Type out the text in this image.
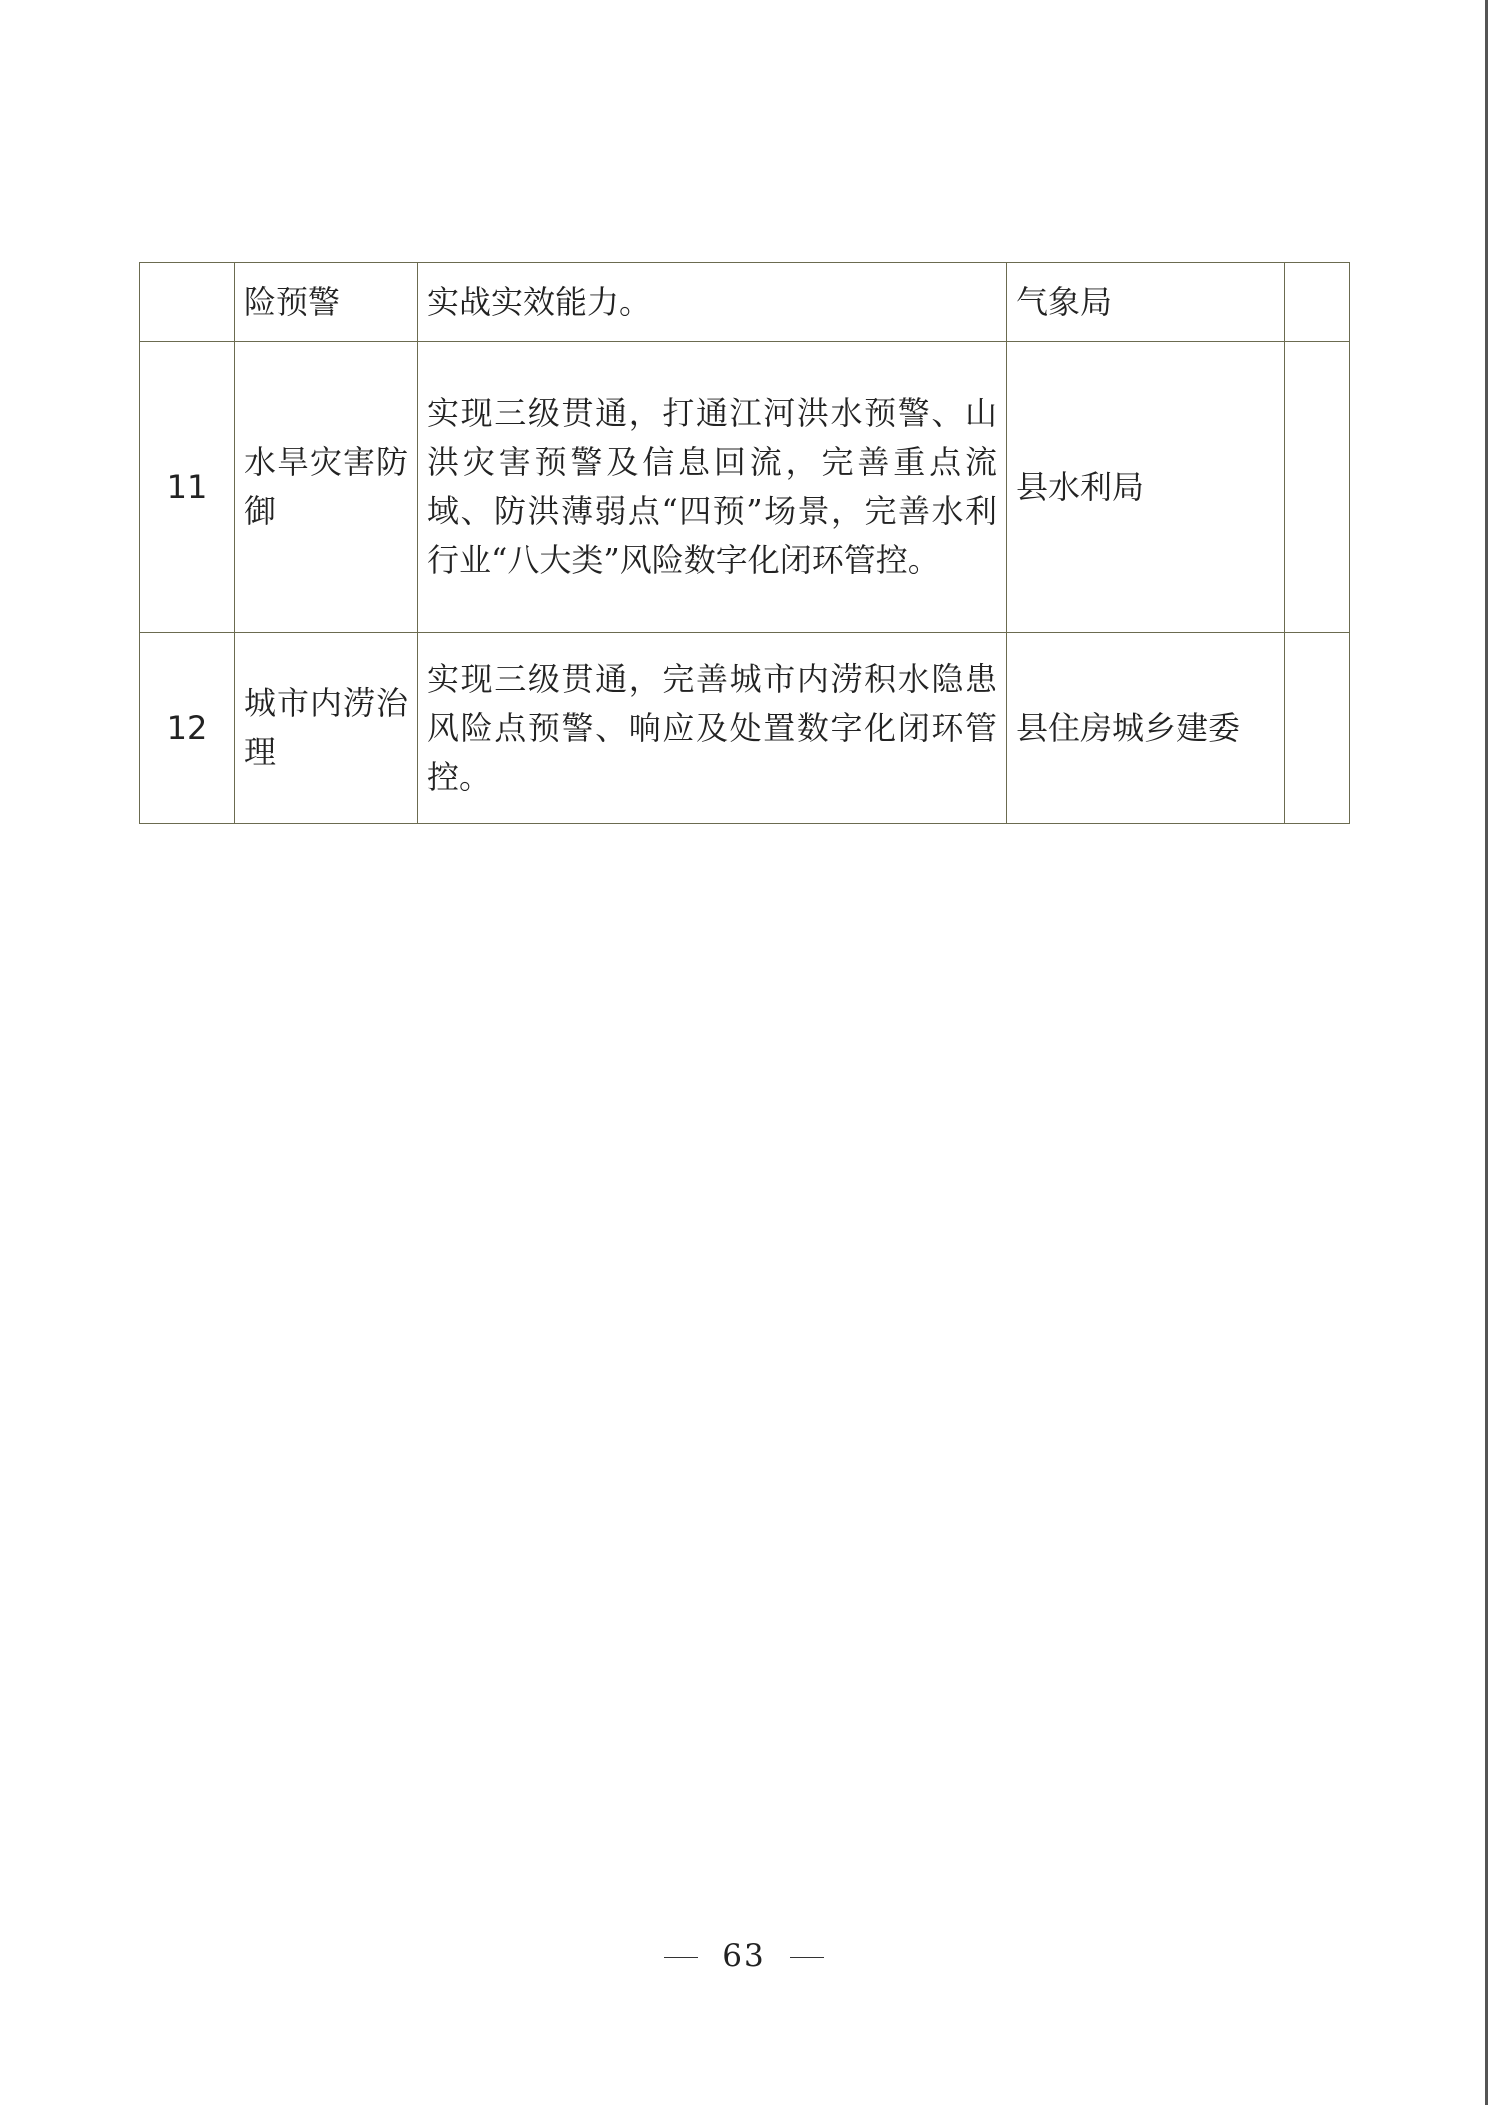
	险预警	实战实效能力。	气象局	
11	水旱灾害防御	实现三级贯通，打通江河洪水预警、山洪灾害预警及信息回流，完善重点流域、防洪薄弱点“四预”场景，完善水利行业“八大类”风险数字化闭环管控。	县水利局	
12	城市内涝治理	实现三级贯通，完善城市内涝积水隐患风险点预警、响应及处置数字化闭环管控。	县住房城乡建委	
63
